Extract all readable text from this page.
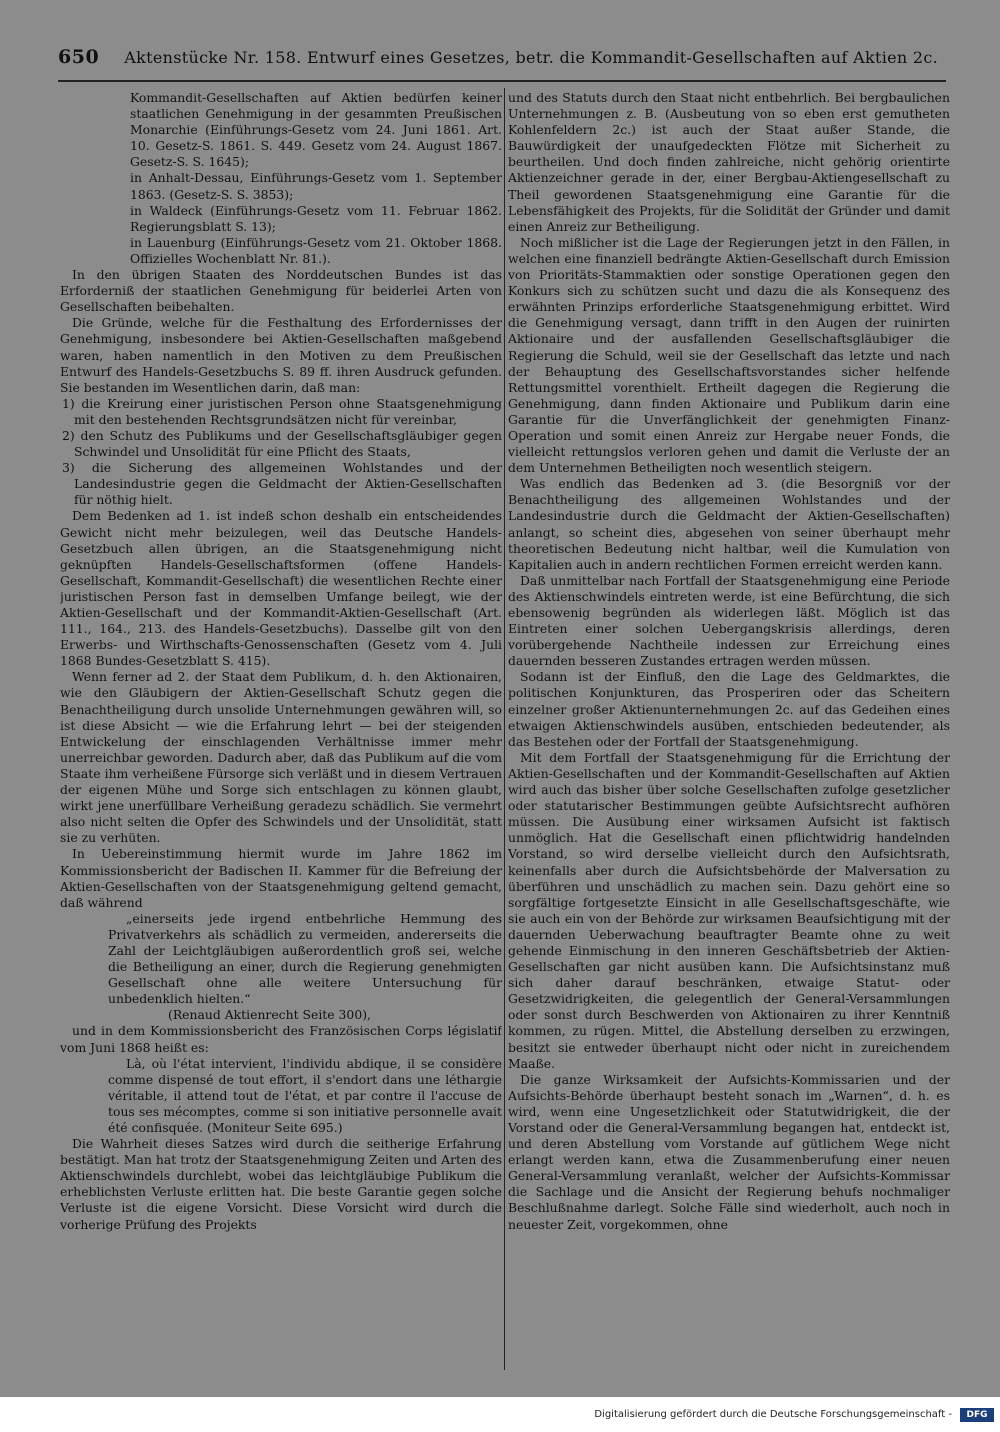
650 Aktenstücke Nr. 158. Entwurf eines Gesetzes, betr. die Kommandit-Gesellschaften auf Aktien 2c.

Kommandit-Gesellschaften auf Aktien bedürfen keiner staatlichen Genehmigung in der gesammten Preußischen Monarchie (Einführungs-Gesetz vom 24. Juni 1861. Art. 10. Gesetz-S. 1861. S. 449. Gesetz vom 24. August 1867. Gesetz-S. S. 1645);

in Anhalt-Dessau, Einführungs-Gesetz vom 1. September 1863. (Gesetz-S. S. 3853);

in Waldeck (Einführungs-Gesetz vom 11. Februar 1862. Regierungsblatt S. 13);

in Lauenburg (Einführungs-Gesetz vom 21. Oktober 1868. Offizielles Wochenblatt Nr. 81.).

In den übrigen Staaten des Norddeutschen Bundes ist das Erforderniß der staatlichen Genehmigung für beiderlei Arten von Gesellschaften beibehalten.

Die Gründe, welche für die Festhaltung des Erfordernisses der Genehmigung, insbesondere bei Aktien-Gesellschaften maßgebend waren, haben namentlich in den Motiven zu dem Preußischen Entwurf des Handels-Gesetzbuchs S. 89 ff. ihren Ausdruck gefunden. Sie bestanden im Wesentlichen darin, daß man:

1) die Kreirung einer juristischen Person ohne Staatsgenehmigung mit den bestehenden Rechtsgrundsätzen nicht für vereinbar,

2) den Schutz des Publikums und der Gesellschaftsgläubiger gegen Schwindel und Unsolidität für eine Pflicht des Staats,

3) die Sicherung des allgemeinen Wohlstandes und der Landesindustrie gegen die Geldmacht der Aktien-Gesellschaften für nöthig hielt.

Dem Bedenken ad 1. ist indeß schon deshalb ein entscheidendes Gewicht nicht mehr beizulegen, weil das Deutsche Handels-Gesetzbuch allen übrigen, an die Staatsgenehmigung nicht geknüpften Handels-Gesellschaftsformen (offene Handels-Gesellschaft, Kommandit-Gesellschaft) die wesentlichen Rechte einer juristischen Person fast in demselben Umfange beilegt, wie der Aktien-Gesellschaft und der Kommandit-Aktien-Gesellschaft (Art. 111., 164., 213. des Handels-Gesetzbuchs). Dasselbe gilt von den Erwerbs- und Wirthschafts-Genossenschaften (Gesetz vom 4. Juli 1868 Bundes-Gesetzblatt S. 415).

Wenn ferner ad 2. der Staat dem Publikum, d. h. den Aktionairen, wie den Gläubigern der Aktien-Gesellschaft Schutz gegen die Benachtheiligung durch unsolide Unternehmungen gewähren will, so ist diese Absicht — wie die Erfahrung lehrt — bei der steigenden Entwickelung der einschlagenden Verhältnisse immer mehr unerreichbar geworden. Dadurch aber, daß das Publikum auf die vom Staate ihm verheißene Fürsorge sich verläßt und in diesem Vertrauen der eigenen Mühe und Sorge sich entschlagen zu können glaubt, wirkt jene unerfüllbare Verheißung geradezu schädlich. Sie vermehrt also nicht selten die Opfer des Schwindels und der Unsolidität, statt sie zu verhüten.

In Uebereinstimmung hiermit wurde im Jahre 1862 im Kommissionsbericht der Badischen II. Kammer für die Befreiung der Aktien-Gesellschaften von der Staatsgenehmigung geltend gemacht, daß während

„einerseits jede irgend entbehrliche Hemmung des Privatverkehrs als schädlich zu vermeiden, andererseits die Zahl der Leichtgläubigen außerordentlich groß sei, welche die Betheiligung an einer, durch die Regierung genehmigten Gesellschaft ohne alle weitere Untersuchung für unbedenklich hielten.“

(Renaud Aktienrecht Seite 300),

und in dem Kommissionsbericht des Französischen Corps législatif vom Juni 1868 heißt es:

Là, où l'état intervient, l'individu abdique, il se considère comme dispensé de tout effort, il s'endort dans une léthargie véritable, il attend tout de l'état, et par contre il l'accuse de tous ses mécomptes, comme si son initiative personnelle avait été confisquée. (Moniteur Seite 695.)

Die Wahrheit dieses Satzes wird durch die seitherige Erfahrung bestätigt. Man hat trotz der Staatsgenehmigung Zeiten und Arten des Aktienschwindels durchlebt, wobei das leichtgläubige Publikum die erheblichsten Verluste erlitten hat. Die beste Garantie gegen solche Verluste ist die eigene Vorsicht. Diese Vorsicht wird durch die vorherige Prüfung des Projekts

und des Statuts durch den Staat nicht entbehrlich. Bei bergbaulichen Unternehmungen z. B. (Ausbeutung von so eben erst gemutheten Kohlenfeldern 2c.) ist auch der Staat außer Stande, die Bauwürdigkeit der unaufgedeckten Flötze mit Sicherheit zu beurtheilen. Und doch finden zahlreiche, nicht gehörig orientirte Aktienzeichner gerade in der, einer Bergbau-Aktiengesellschaft zu Theil gewordenen Staatsgenehmigung eine Garantie für die Lebensfähigkeit des Projekts, für die Solidität der Gründer und damit einen Anreiz zur Betheiligung.

Noch mißlicher ist die Lage der Regierungen jetzt in den Fällen, in welchen eine finanziell bedrängte Aktien-Gesellschaft durch Emission von Prioritäts-Stammaktien oder sonstige Operationen gegen den Konkurs sich zu schützen sucht und dazu die als Konsequenz des erwähnten Prinzips erforderliche Staatsgenehmigung erbittet. Wird die Genehmigung versagt, dann trifft in den Augen der ruinirten Aktionaire und der ausfallenden Gesellschaftsgläubiger die Regierung die Schuld, weil sie der Gesellschaft das letzte und nach der Behauptung des Gesellschaftsvorstandes sicher helfende Rettungsmittel vorenthielt. Ertheilt dagegen die Regierung die Genehmigung, dann finden Aktionaire und Publikum darin eine Garantie für die Unverfänglichkeit der genehmigten Finanz-Operation und somit einen Anreiz zur Hergabe neuer Fonds, die vielleicht rettungslos verloren gehen und damit die Verluste der an dem Unternehmen Betheiligten noch wesentlich steigern.

Was endlich das Bedenken ad 3. (die Besorgniß vor der Benachtheiligung des allgemeinen Wohlstandes und der Landesindustrie durch die Geldmacht der Aktien-Gesellschaften) anlangt, so scheint dies, abgesehen von seiner überhaupt mehr theoretischen Bedeutung nicht haltbar, weil die Kumulation von Kapitalien auch in andern rechtlichen Formen erreicht werden kann.

Daß unmittelbar nach Fortfall der Staatsgenehmigung eine Periode des Aktienschwindels eintreten werde, ist eine Befürchtung, die sich ebensowenig begründen als widerlegen läßt. Möglich ist das Eintreten einer solchen Uebergangskrisis allerdings, deren vorübergehende Nachtheile indessen zur Erreichung eines dauernden besseren Zustandes ertragen werden müssen.

Sodann ist der Einfluß, den die Lage des Geldmarktes, die politischen Konjunkturen, das Prosperiren oder das Scheitern einzelner großer Aktienunternehmungen 2c. auf das Gedeihen eines etwaigen Aktienschwindels ausüben, entschieden bedeutender, als das Bestehen oder der Fortfall der Staatsgenehmigung.

Mit dem Fortfall der Staatsgenehmigung für die Errichtung der Aktien-Gesellschaften und der Kommandit-Gesellschaften auf Aktien wird auch das bisher über solche Gesellschaften zufolge gesetzlicher oder statutarischer Bestimmungen geübte Aufsichtsrecht aufhören müssen. Die Ausübung einer wirksamen Aufsicht ist faktisch unmöglich. Hat die Gesellschaft einen pflichtwidrig handelnden Vorstand, so wird derselbe vielleicht durch den Aufsichtsrath, keinenfalls aber durch die Aufsichtsbehörde der Malversation zu überführen und unschädlich zu machen sein. Dazu gehört eine so sorgfältige fortgesetzte Einsicht in alle Gesellschaftsgeschäfte, wie sie auch ein von der Behörde zur wirksamen Beaufsichtigung mit der dauernden Ueberwachung beauftragter Beamte ohne zu weit gehende Einmischung in den inneren Geschäftsbetrieb der Aktien-Gesellschaften gar nicht ausüben kann. Die Aufsichtsinstanz muß sich daher darauf beschränken, etwaige Statut- oder Gesetzwidrigkeiten, die gelegentlich der General-Versammlungen oder sonst durch Beschwerden von Aktionairen zu ihrer Kenntniß kommen, zu rügen. Mittel, die Abstellung derselben zu erzwingen, besitzt sie entweder überhaupt nicht oder nicht in zureichendem Maaße.

Die ganze Wirksamkeit der Aufsichts-Kommissarien und der Aufsichts-Behörde überhaupt besteht sonach im „Warnen“, d. h. es wird, wenn eine Ungesetzlichkeit oder Statutwidrigkeit, die der Vorstand oder die General-Versammlung begangen hat, entdeckt ist, und deren Abstellung vom Vorstande auf gütlichem Wege nicht erlangt werden kann, etwa die Zusammenberufung einer neuen General-Versammlung veranlaßt, welcher der Aufsichts-Kommissar die Sachlage und die Ansicht der Regierung behufs nochmaliger Beschlußnahme darlegt. Solche Fälle sind wiederholt, auch noch in neuester Zeit, vorgekommen, ohne

Digitalisierung gefördert durch die Deutsche Forschungsgemeinschaft -	DFG
